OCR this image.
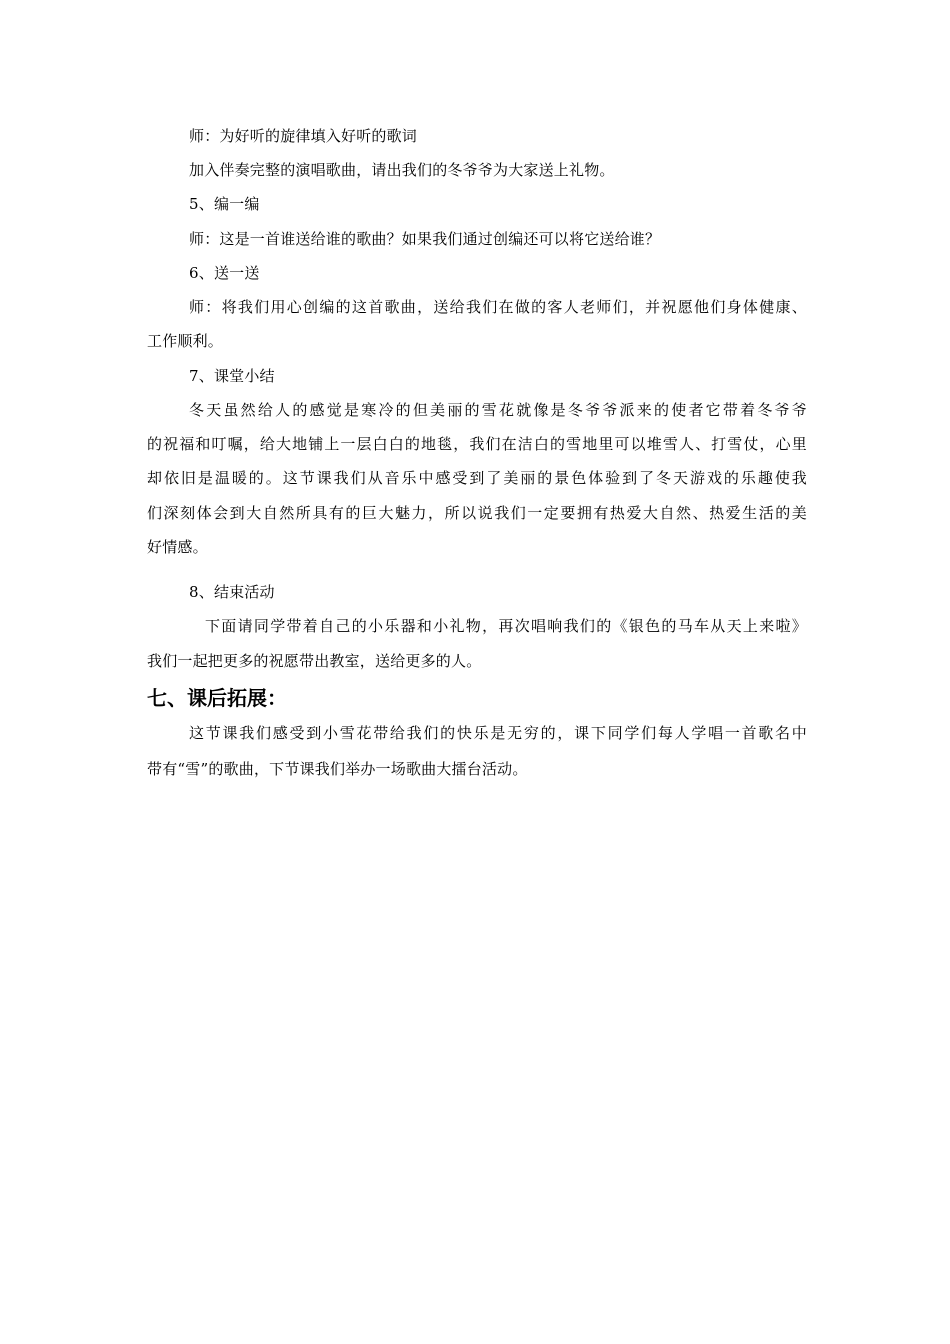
师：为好听的旋律填入好听的歌词
加入伴奏完整的演唱歌曲，请出我们的冬爷爷为大家送上礼物。
5、编一编
师：这是一首谁送给谁的歌曲？如果我们通过创编还可以将它送给谁？
6、送一送
师：将我们用心创编的这首歌曲，送给我们在做的客人老师们，并祝愿他们身体健康、
工作顺利。
7、课堂小结
冬天虽然给人的感觉是寒冷的但美丽的雪花就像是冬爷爷派来的使者它带着冬爷爷
的祝福和叮嘱，给大地铺上一层白白的地毯，我们在洁白的雪地里可以堆雪人、打雪仗，心里
却依旧是温暖的。这节课我们从音乐中感受到了美丽的景色体验到了冬天游戏的乐趣使我
们深刻体会到大自然所具有的巨大魅力，所以说我们一定要拥有热爱大自然、热爱生活的美
好情感。
8、结束活动
下面请同学带着自己的小乐器和小礼物，再次唱响我们的《银色的马车从天上来啦》
我们一起把更多的祝愿带出教室，送给更多的人。
七、课后拓展：
这节课我们感受到小雪花带给我们的快乐是无穷的，课下同学们每人学唱一首歌名中
带有“雪”的歌曲，下节课我们举办一场歌曲大擂台活动。
